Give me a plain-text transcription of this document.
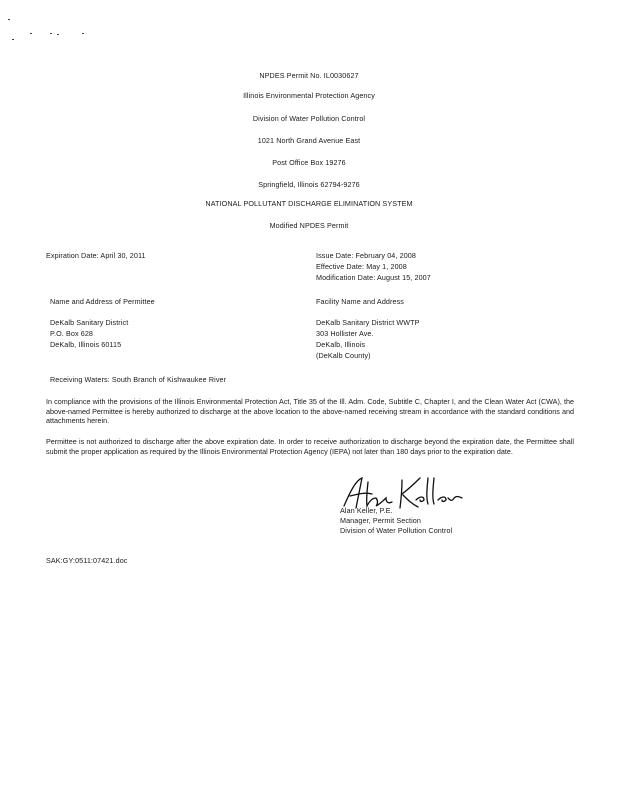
NPDES Permit No. IL0030627
Illinois Environmental Protection Agency
Division of Water Pollution Control
1021 North Grand Avenue East
Post Office Box 19276
Springfield, Illinois 62794-9276
NATIONAL POLLUTANT DISCHARGE ELIMINATION SYSTEM
Modified NPDES Permit
Expiration Date: April 30, 2011	Issue Date: February 04, 2008
Effective Date: May 1, 2008
Modification Date: August 15, 2007
Name and Address of Permittee
DeKalb Sanitary District
P.O. Box 628
DeKalb, Illinois 60115
Facility Name and Address
DeKalb Sanitary District WWTP
303 Hollister Ave.
DeKalb, Illinois
(DeKalb County)
Receiving Waters: South Branch of Kishwaukee River
In compliance with the provisions of the Illinois Environmental Protection Act, Title 35 of the Ill. Adm. Code, Subtitle C, Chapter I, and the Clean Water Act (CWA), the above-named Permittee is hereby authorized to discharge at the above location to the above-named receiving stream in accordance with the standard conditions and attachments herein.
Permittee is not authorized to discharge after the above expiration date. In order to receive authorization to discharge beyond the expiration date, the Permittee shall submit the proper application as required by the Illinois Environmental Protection Agency (IEPA) not later than 180 days prior to the expiration date.
Alan Keller, P.E.
Manager, Permit Section
Division of Water Pollution Control
SAK:GY:0511:07421.doc
